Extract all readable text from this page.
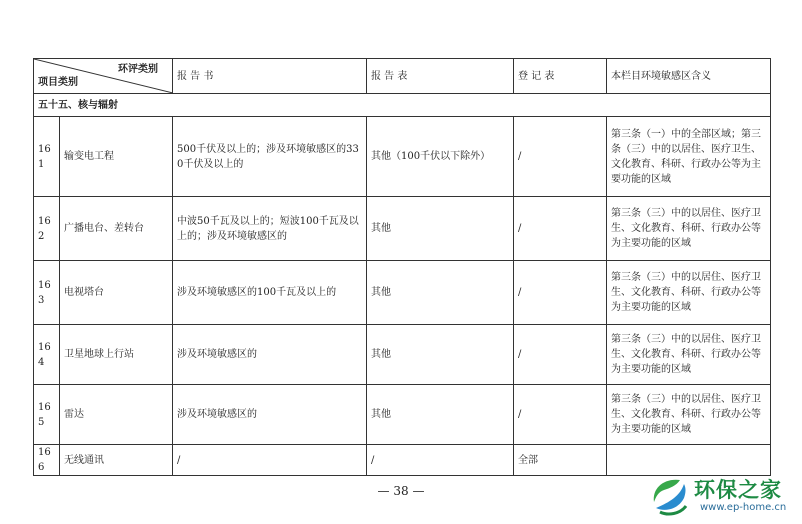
环评类别
项目类别		报 告 书	报 告 表	登 记 表	本栏目环境敏感区含义
五十五、核与辐射					
161	输变电工程	500千伏及以上的；涉及环境敏感区的330千伏及以上的	其他（100千伏以下除外）	/	第三条（一）中的全部区域；第三条（三）中的以居住、医疗卫生、文化教育、科研、行政办公等为主要功能的区域
162	广播电台、差转台	中波50千瓦及以上的；短波100千瓦及以上的；涉及环境敏感区的	其他	/	第三条（三）中的以居住、医疗卫生、文化教育、科研、行政办公等为主要功能的区域
163	电视塔台	涉及环境敏感区的100千瓦及以上的	其他	/	第三条（三）中的以居住、医疗卫生、文化教育、科研、行政办公等为主要功能的区域
164	卫星地球上行站	涉及环境敏感区的	其他	/	第三条（三）中的以居住、医疗卫生、文化教育、科研、行政办公等为主要功能的区域
165	雷达	涉及环境敏感区的	其他	/	第三条（三）中的以居住、医疗卫生、文化教育、科研、行政办公等为主要功能的区域
166	无线通讯	/	/	全部	
— 38 —	环保之家
www.ep-home.cn
